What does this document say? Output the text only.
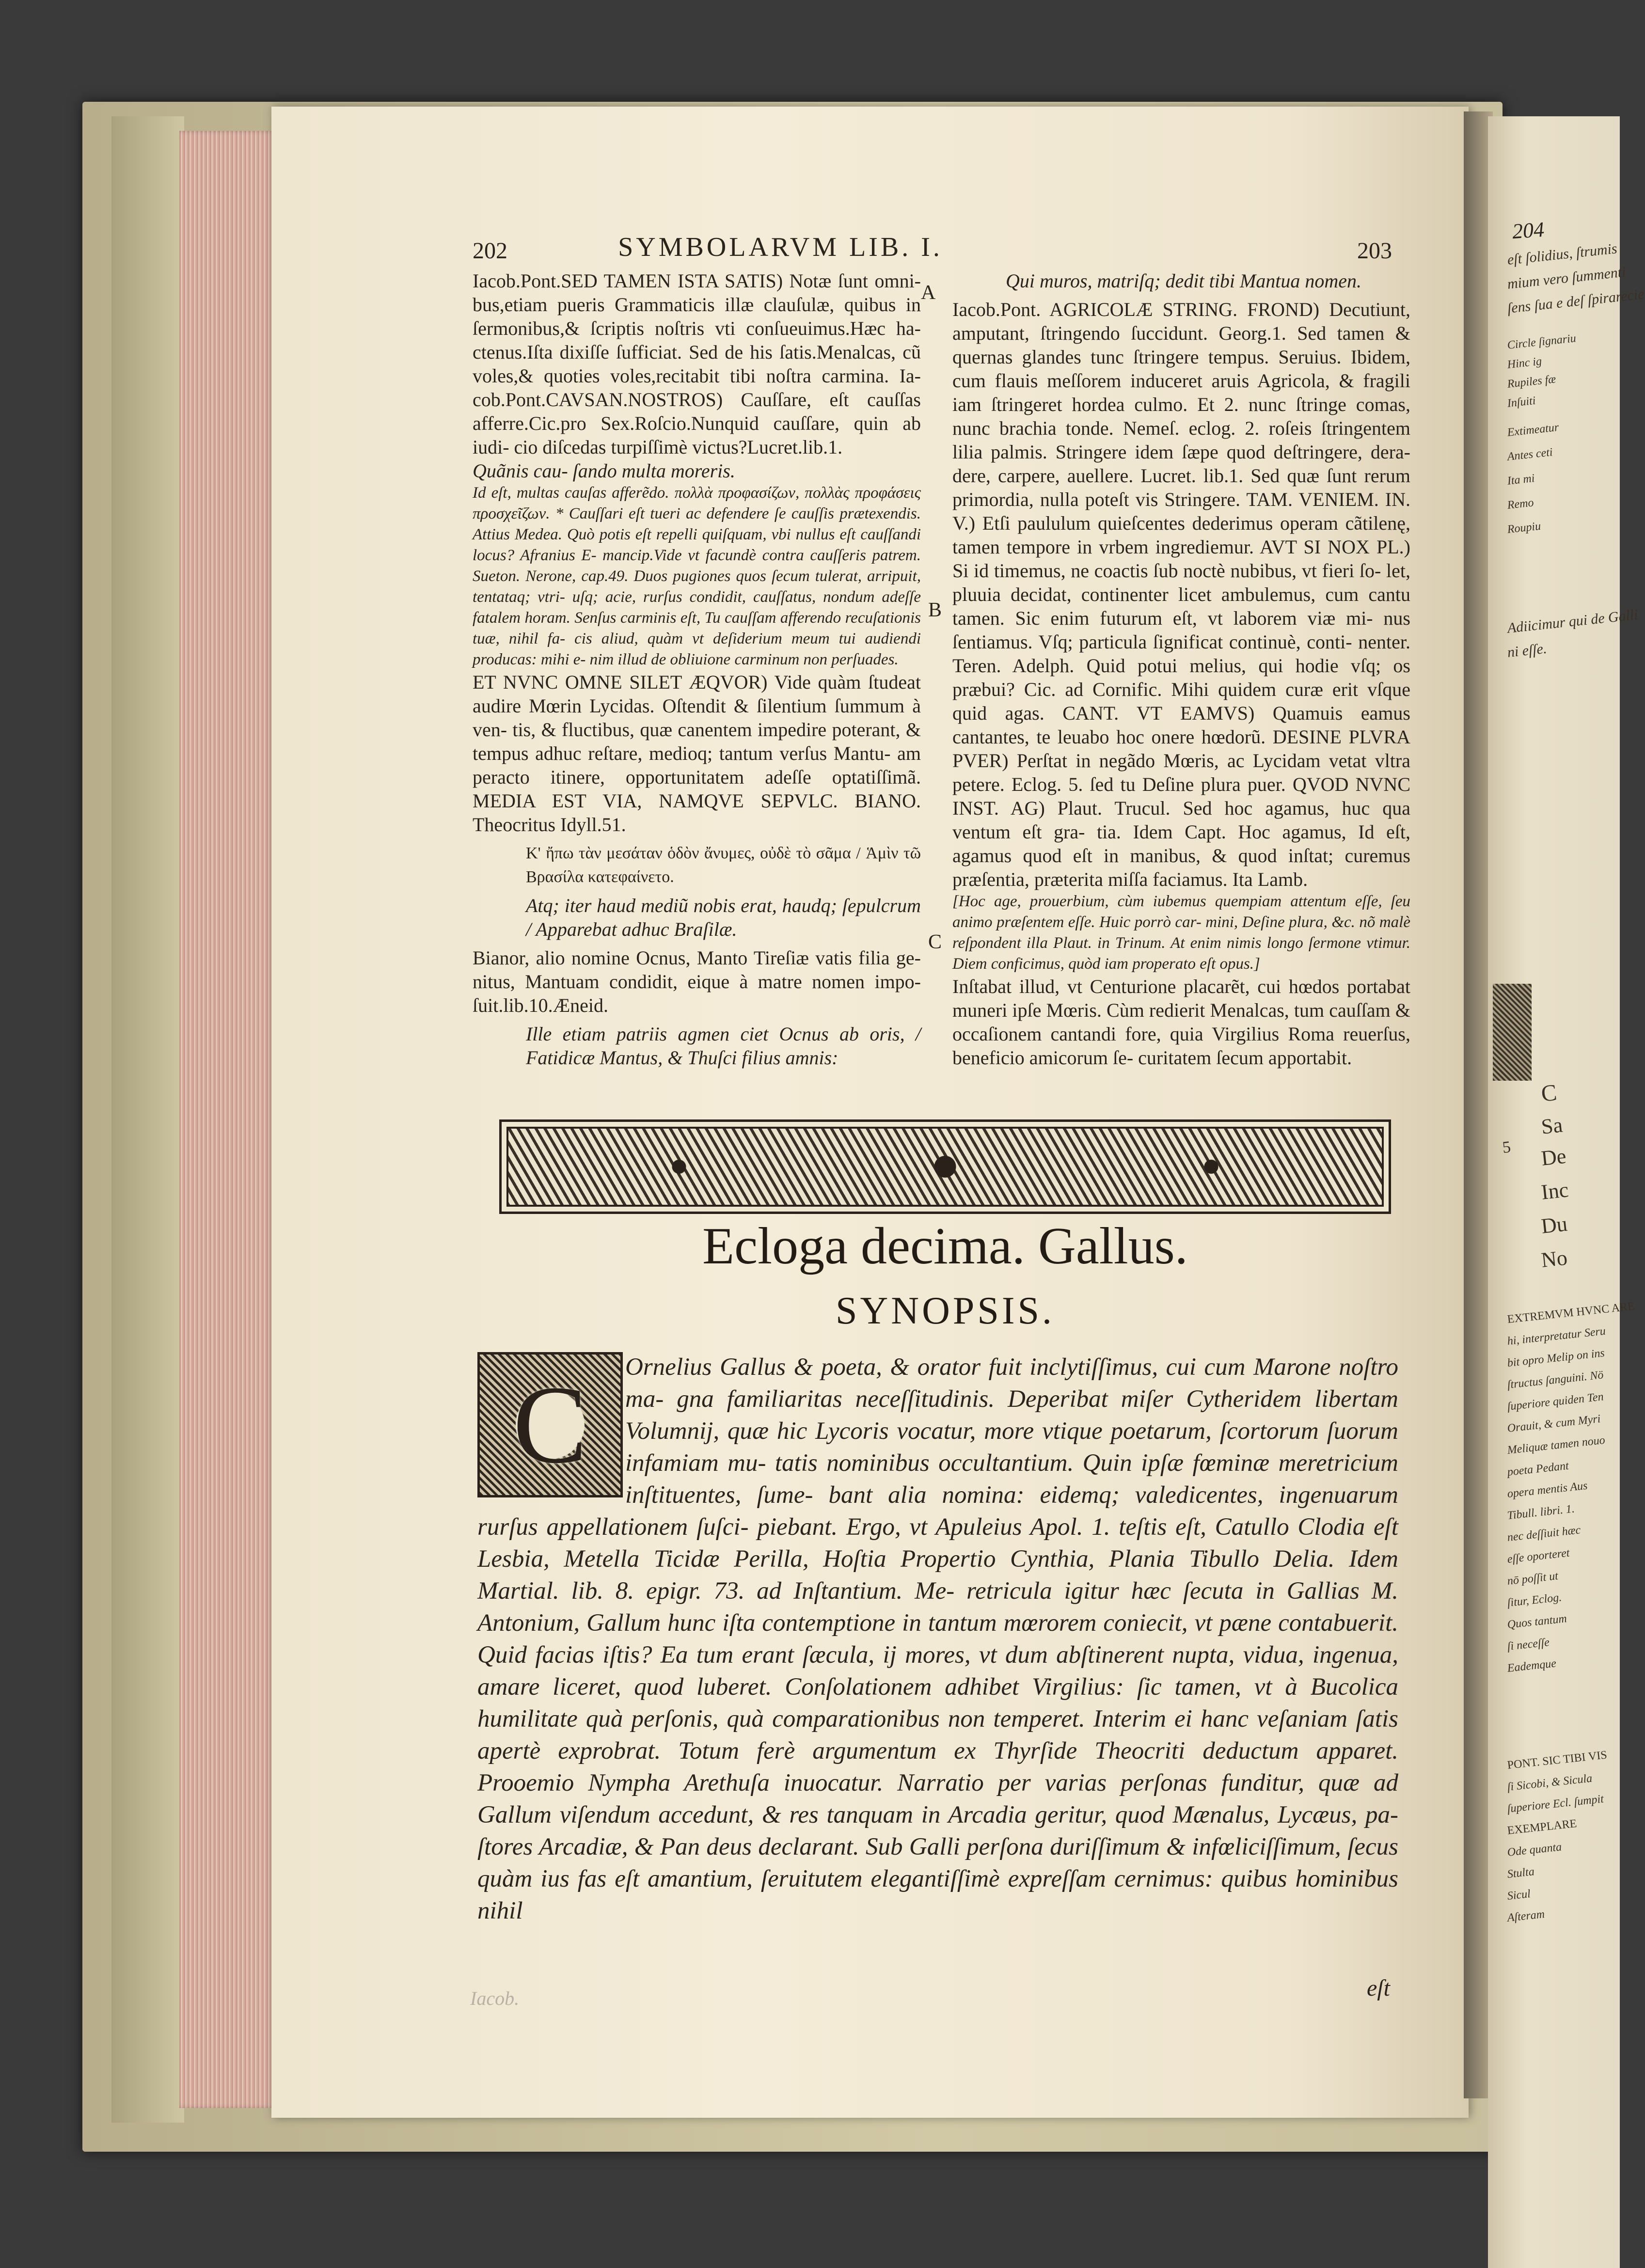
SYMBOLARVM LIB. I.
202	203

Iacob.Pont.SED TAMEN ISTA SATIS) Notæ ſunt omni- bus,etiam pueris Grammaticis illæ clauſulæ, quibus in ſermonibus,& ſcriptis noſtris vti conſueuimus.Hæc ha- ctenus.Iſta dixiſſe ſufficiat. Sed de his ſatis.Menalcas, cũ voles,& quoties voles,recitabit tibi noſtra carmina. Ia- cob.Pont.CAVSAN.NOSTROS) Cauſſare, eſt cauſſas afferre.Cic.pro Sex.Roſcio.Nunquid cauſſare, quin ab iudi- cio diſcedas turpiſſimè victus?Lucret.lib.1.

Quãnis cau- ſando multa moreris.

Id eſt, multas cauſas afferẽdo. πολλὰ προφασίζων, πολλὰς προφάσεις προσχεῖζων. * Cauſſari eſt tueri ac defendere ſe cauſſis prætexendis. Attius Medea. Quò potis eſt repelli quiſquam, vbi nullus eſt cauſſandi locus? Afranius E- mancip.Vide vt facundè contra cauſſeris patrem. Sueton. Nerone, cap.49. Duos pugiones quos ſecum tulerat, arripuit, tentataq; vtri- uſq; acie, rurſus condidit, cauſſatus, nondum adeſſe fatalem horam. Senſus carminis eſt, Tu cauſſam afferendo recuſationis tuæ, nihil fa- cis aliud, quàm vt deſiderium meum tui audiendi producas: mihi e- nim illud de obliuione carminum non perſuades.

ET NVNC OMNE SILET ÆQVOR) Vide quàm ſtudeat audire Mœrin Lycidas. Oſtendit & ſilentium ſummum à ven- tis, & fluctibus, quæ canentem impedire poterant, & tempus adhuc reſtare, medioq; tantum verſus Mantu- am peracto itinere, opportunitatem adeſſe optatiſſimã. MEDIA EST VIA, NAMQVE SEPVLC. BIANO. Theocritus Idyll.51.

Κ' ἤπω τὰν μεσάταν ὁδὸν ἄνυμες, οὐδὲ τὸ σᾶμα / Ἁμὶν τῶ Βρασίλα κατεφαίνετο.

Atq; iter haud mediũ nobis erat, haudq; ſepulcrum / Apparebat adhuc Braſilæ.

Bianor, alio nomine Ocnus, Manto Tireſiæ vatis filia ge- nitus, Mantuam condidit, eique à matre nomen impo- ſuit.lib.10.Æneid.

Ille etiam patriis agmen ciet Ocnus ab oris, / Fatidicæ Mantus, & Thuſci filius amnis:

Qui muros, matriſq; dedit tibi Mantua nomen.

Iacob.Pont. AGRICOLÆ STRING. FROND) Decutiunt, amputant, ſtringendo ſuccidunt. Georg.1. Sed tamen & quernas glandes tunc ſtringere tempus. Seruius. Ibidem, cum flauis meſſorem induceret aruis Agricola, & fragili iam ſtringeret hordea culmo. Et 2. nunc ſtringe comas, nunc brachia tonde. Nemeſ. eclog. 2. roſeis ſtringentem lilia palmis. Stringere idem ſæpe quod deſtringere, dera- dere, carpere, auellere. Lucret. lib.1. Sed quæ ſunt rerum primordia, nulla poteſt vis Stringere. TAM. VENIEM. IN. V.) Etſi paululum quieſcentes dederimus operam cãtilenę, tamen tempore in vrbem ingrediemur. AVT SI NOX PL.) Si id timemus, ne coactis ſub noctè nubibus, vt fieri ſo- let, pluuia decidat, continenter licet ambulemus, cum cantu tamen. Sic enim futurum eſt, vt laborem viæ mi- nus ſentiamus. Vſq; particula ſignificat continuè, conti- nenter. Teren. Adelph. Quid potui melius, qui hodie vſq; os præbui? Cic. ad Cornific. Mihi quidem curæ erit vſque quid agas. CANT. VT EAMVS) Quamuis eamus cantantes, te leuabo hoc onere hœdorũ. DESINE PLVRA PVER) Perſtat in negãdo Mœris, ac Lycidam vetat vltra petere. Eclog. 5. ſed tu Deſine plura puer. QVOD NVNC INST. AG) Plaut. Trucul. Sed hoc agamus, huc qua ventum eſt gra- tia. Idem Capt. Hoc agamus, Id eſt, agamus quod eſt in manibus, & quod inſtat; curemus præſentia, præterita miſſa faciamus. Ita Lamb.

[Hoc age, prouerbium, cùm iubemus quempiam attentum eſſe, ſeu animo præſentem eſſe. Huic porrò car- mini, Deſine plura, &c. nõ malè reſpondent illa Plaut. in Trinum. At enim nimis longo ſermone vtimur. Diem conficimus, quòd iam properato eſt opus.]

Inſtabat illud, vt Centurione placarẽt, cui hœdos portabat muneri ipſe Mœris. Cùm redierit Menalcas, tum cauſſam & occaſionem cantandi fore, quia Virgilius Roma reuerſus, beneficio amicorum ſe- curitatem ſecum apportabit.

A
B
C
Ecloga decima. Gallus.
SYNOPSIS.
Ornelius Gallus & poeta, & orator fuit inclytiſſimus, cui cum Marone noſtro ma- gna familiaritas neceſſitudinis. Deperibat miſer Cytheridem libertam Volumnij, quæ hic Lycoris vocatur, more vtique poetarum, ſcortorum ſuorum infamiam mu- tatis nominibus occultantium. Quin ipſæ fœminæ meretricium inſtituentes, ſume- bant alia nomina: eidemq; valedicentes, ingenuarum rurſus appellationem ſuſci- piebant. Ergo, vt Apuleius Apol. 1. teſtis eſt, Catullo Clodia eſt Lesbia, Metella Ticidæ Perilla, Hoſtia Propertio Cynthia, Plania Tibullo Delia. Idem Martial. lib. 8. epigr. 73. ad Inſtantium. Me- retricula igitur hæc ſecuta in Gallias M. Antonium, Gallum hunc iſta contemptione in tantum mœrorem coniecit, vt pæne contabuerit. Quid facias iſtis? Ea tum erant ſæcula, ij mores, vt dum abſtinerent nupta, vidua, ingenua, amare liceret, quod luberet. Conſolationem adhibet Virgilius: ſic tamen, vt à Bucolica humilitate quà perſonis, quà comparationibus non temperet. Interim ei hanc veſaniam ſatis apertè exprobrat. Totum ferè argumentum ex Thyrſide Theocriti deductum apparet. Prooemio Nympha Arethuſa inuocatur. Narratio per varias perſonas funditur, quæ ad Gallum viſendum accedunt, & res tanquam in Arcadia geritur, quod Mænalus, Lycæus, pa- ſtores Arcadiæ, & Pan deus declarant. Sub Galli perſona duriſſimum & infœliciſſimum, ſecus quàm ius fas eſt amantium, ſeruitutem elegantiſſimè expreſſam cernimus: quibus hominibus nihil
C
eſt
Iacob.
204
eſt ſolidius, ſtrumis
mium vero ſummenti
ſens ſua e deſ ſpirarecie
Circle ſignariu
Hinc ig
Rupiles fæ
Inſuiti
Extimeatur
Antes ceti
Ita mi
Remo
Roupiu
Adiicimur qui de Galli
ni eſſe.
C
Sa
De
Inc
Du
No
5
EXTREMVM HVNC ARE
hi, interpretatur Seru
bit opro Melip on ins
ſtructus ſanguini. Nö
ſuperiore quiden Ten
Orauit, & cum Myri
Meliquæ tamen nouo
poeta Pedant
opera mentis Aus
Tibull. libri. 1.
nec deſſiuit hæc
eſſe oporteret
nō poſſit ut
ſitur, Eclog.
Quos tantum
ſi neceſſe
Eademque
PONT. SIC TIBI VIS
ſi Sicobi, & Sicula
ſuperiore Ecl. ſumpit
EXEMPLARE
Ode quanta
Stulta
Sicul
Aſteram
